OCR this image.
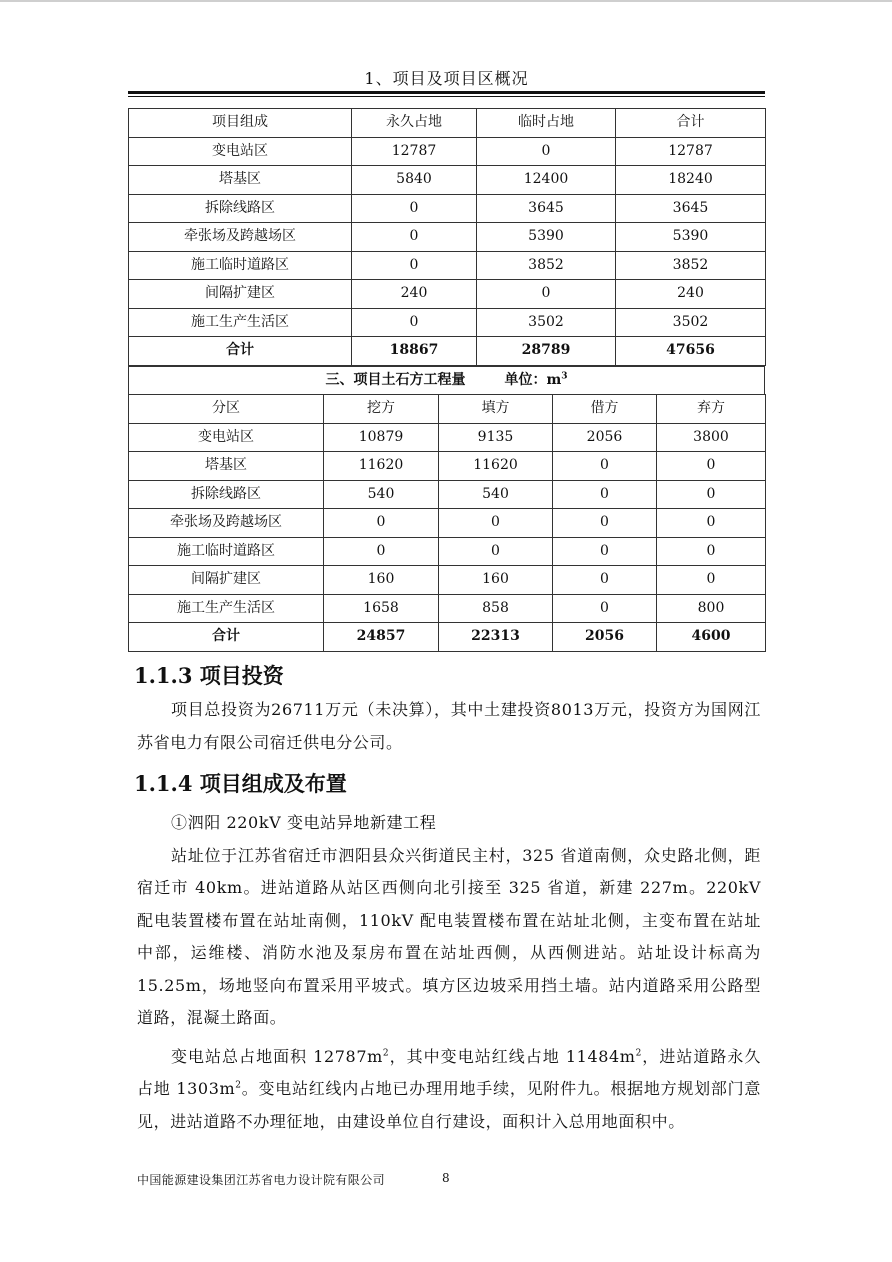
1、项目及项目区概况
项目组成	永久占地	临时占地	合计
变电站区	12787	0	12787
塔基区	5840	12400	18240
拆除线路区	0	3645	3645
牵张场及跨越场区	0	5390	5390
施工临时道路区	0	3852	3852
间隔扩建区	240	0	240
施工生产生活区	0	3502	3502
合计	18867	28789	47656
三、项目土石方工程量	单位：$m^3$
分区	挖方	填方	借方	弃方
变电站区	10879	9135	2056	3800
塔基区	11620	11620	0	0
拆除线路区	540	540	0	0
牵张场及跨越场区	0	0	0	0
施工临时道路区	0	0	0	0
间隔扩建区	160	160	0	0
施工生产生活区	1658	858	0	800
合计	24857	22313	2056	4600
1.1.3 项目投资

项目总投资为26711万元（未决算），其中土建投资8013万元，投资方为国网江苏省电力有限公司宿迁供电分公司。

1.1.4 项目组成及布置

①泗阳 220kV 变电站异地新建工程

站址位于江苏省宿迁市泗阳县众兴街道民主村，325 省道南侧，众史路北侧，距宿迁市 40km。进站道路从站区西侧向北引接至 325 省道，新建 227m。220kV 配电装置楼布置在站址南侧，110kV 配电装置楼布置在站址北侧，主变布置在站址中部，运维楼、消防水池及泵房布置在站址西侧，从西侧进站。站址设计标高为 15.25m，场地竖向布置采用平坡式。填方区边坡采用挡土墙。站内道路采用公路型道路，混凝土路面。

变电站总占地面积 $12787m^2$，其中变电站红线占地 $11484m^2$，进站道路永久占地 $1303m^2$。变电站红线内占地已办理用地手续，见附件九。根据地方规划部门意见，进站道路不办理征地，由建设单位自行建设，面积计入总用地面积中。

中国能源建设集团江苏省电力设计院有限公司	8
